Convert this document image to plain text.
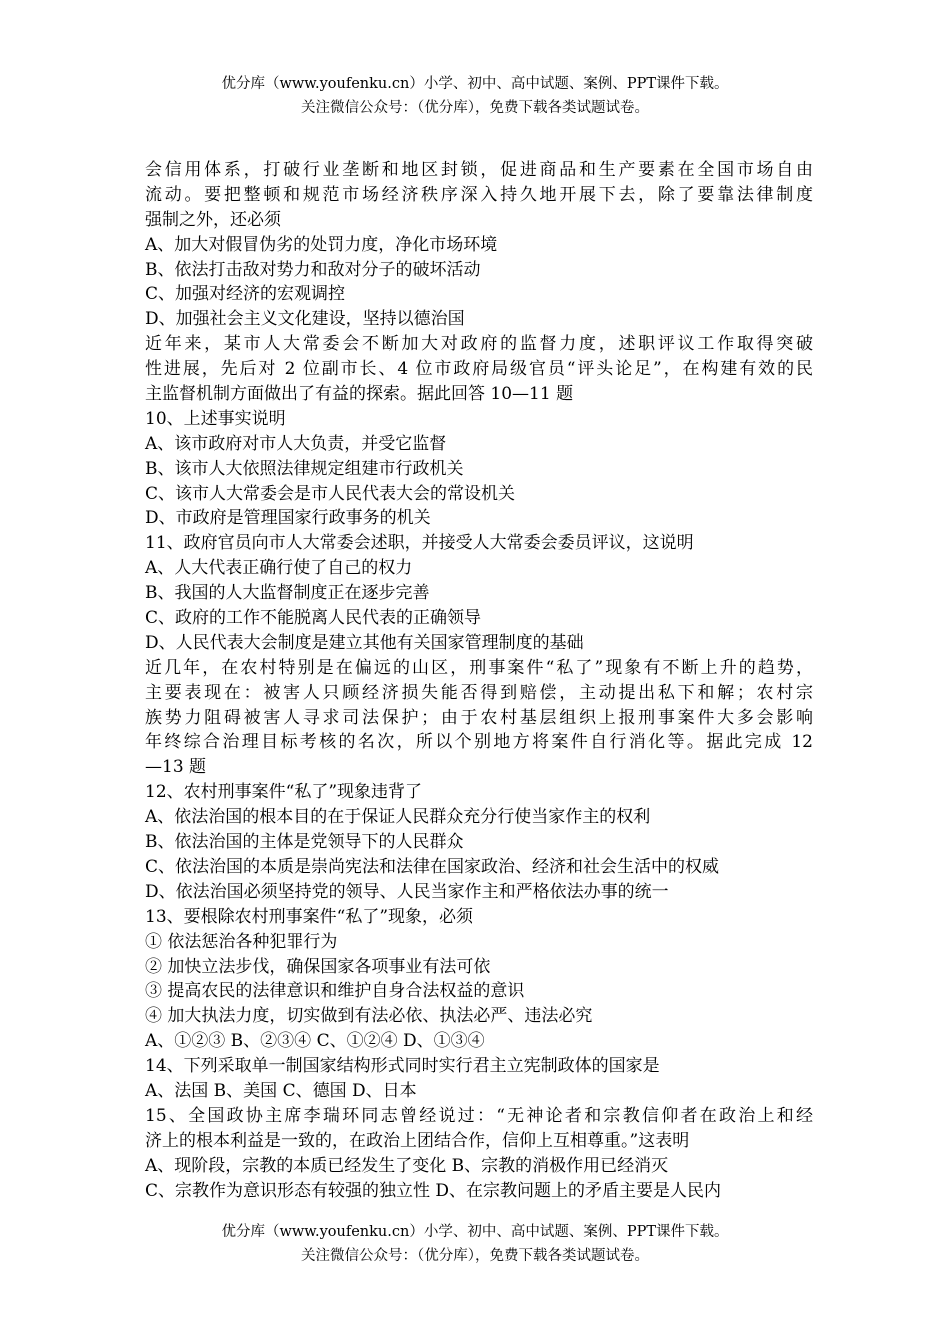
优分库（www.youfenku.cn）小学、初中、高中试题、案例、PPT课件下载。
关注微信公众号：（优分库），免费下载各类试题试卷。
会信用体系，打破行业垄断和地区封锁，促进商品和生产要素在全国市场自由
流动。要把整顿和规范市场经济秩序深入持久地开展下去，除了要靠法律制度
强制之外，还必须
A、加大对假冒伪劣的处罚力度，净化市场环境
B、依法打击敌对势力和敌对分子的破坏活动
C、加强对经济的宏观调控
D、加强社会主义文化建设，坚持以德治国
近年来，某市人大常委会不断加大对政府的监督力度，述职评议工作取得突破
性进展，先后对 2 位副市长、4 位市政府局级官员“评头论足”，在构建有效的民
主监督机制方面做出了有益的探索。据此回答 10—11 题
10、上述事实说明
A、该市政府对市人大负责，并受它监督
B、该市人大依照法律规定组建市行政机关
C、该市人大常委会是市人民代表大会的常设机关
D、市政府是管理国家行政事务的机关
11、政府官员向市人大常委会述职，并接受人大常委会委员评议，这说明
A、人大代表正确行使了自己的权力
B、我国的人大监督制度正在逐步完善
C、政府的工作不能脱离人民代表的正确领导
D、人民代表大会制度是建立其他有关国家管理制度的基础
近几年，在农村特别是在偏远的山区，刑事案件“私了”现象有不断上升的趋势，
主要表现在：被害人只顾经济损失能否得到赔偿，主动提出私下和解；农村宗
族势力阻碍被害人寻求司法保护；由于农村基层组织上报刑事案件大多会影响
年终综合治理目标考核的名次，所以个别地方将案件自行消化等。据此完成 12
—13 题
12、农村刑事案件“私了”现象违背了
A、依法治国的根本目的在于保证人民群众充分行使当家作主的权利
B、依法治国的主体是党领导下的人民群众
C、依法治国的本质是崇尚宪法和法律在国家政治、经济和社会生活中的权威
D、依法治国必须坚持党的领导、人民当家作主和严格依法办事的统一
13、要根除农村刑事案件“私了”现象，必须
① 依法惩治各种犯罪行为
② 加快立法步伐，确保国家各项事业有法可依
③ 提高农民的法律意识和维护自身合法权益的意识
④ 加大执法力度，切实做到有法必依、执法必严、违法必究
A、①②③ B、②③④ C、①②④ D、①③④
14、下列采取单一制国家结构形式同时实行君主立宪制政体的国家是
A、法国 B、美国 C、德国 D、日本
15、全国政协主席李瑞环同志曾经说过：“无神论者和宗教信仰者在政治上和经
济上的根本利益是一致的，在政治上团结合作，信仰上互相尊重。”这表明
A、现阶段，宗教的本质已经发生了变化 B、宗教的消极作用已经消灭
C、宗教作为意识形态有较强的独立性 D、在宗教问题上的矛盾主要是人民内
优分库（www.youfenku.cn）小学、初中、高中试题、案例、PPT课件下载。
关注微信公众号：（优分库），免费下载各类试题试卷。
